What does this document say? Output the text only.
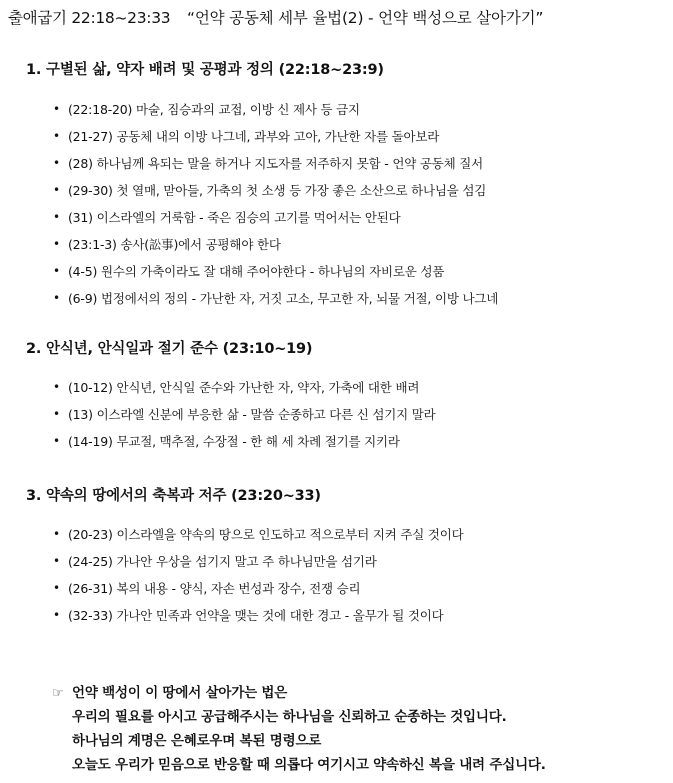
출애굽기 22:18~23:33 “언약 공동체 세부 율법(2) - 언약 백성으로 살아가기”
1. 구별된 삶, 약자 배려 및 공평과 정의 (22:18~23:9)
• (22:18-20) 마술, 짐승과의 교접, 이방 신 제사 등 금지
• (21-27) 공동체 내의 이방 나그네, 과부와 고아, 가난한 자를 돌아보라
• (28) 하나님께 욕되는 말을 하거나 지도자를 저주하지 못함 - 언약 공동체 질서
• (29-30) 첫 열매, 맏아들, 가축의 첫 소생 등 가장 좋은 소산으로 하나님을 섬김
• (31) 이스라엘의 거룩함 - 죽은 짐승의 고기를 먹어서는 안된다
• (23:1-3) 송사(訟事)에서 공평해야 한다
• (4-5) 원수의 가축이라도 잘 대해 주어야한다 - 하나님의 자비로운 성품
• (6-9) 법정에서의 정의 - 가난한 자, 거짓 고소, 무고한 자, 뇌물 거절, 이방 나그네
2. 안식년, 안식일과 절기 준수 (23:10~19)
• (10-12) 안식년, 안식일 준수와 가난한 자, 약자, 가축에 대한 배려
• (13) 이스라엘 신분에 부응한 삶 - 말씀 순종하고 다른 신 섬기지 말라
• (14-19) 무교절, 맥추절, 수장절 - 한 해 세 차례 절기를 지키라
3. 약속의 땅에서의 축복과 저주 (23:20~33)
• (20-23) 이스라엘을 약속의 땅으로 인도하고 적으로부터 지켜 주실 것이다
• (24-25) 가나안 우상을 섬기지 말고 주 하나님만을 섬기라
• (26-31) 복의 내용 - 양식, 자손 번성과 장수, 전쟁 승리
• (32-33) 가나안 민족과 언약을 맺는 것에 대한 경고 - 올무가 될 것이다
☞ 언약 백성이 이 땅에서 살아가는 법은
우리의 필요를 아시고 공급해주시는 하나님을 신뢰하고 순종하는 것입니다.
하나님의 계명은 은혜로우며 복된 명령으로
오늘도 우리가 믿음으로 반응할 때 의롭다 여기시고 약속하신 복을 내려 주십니다.
